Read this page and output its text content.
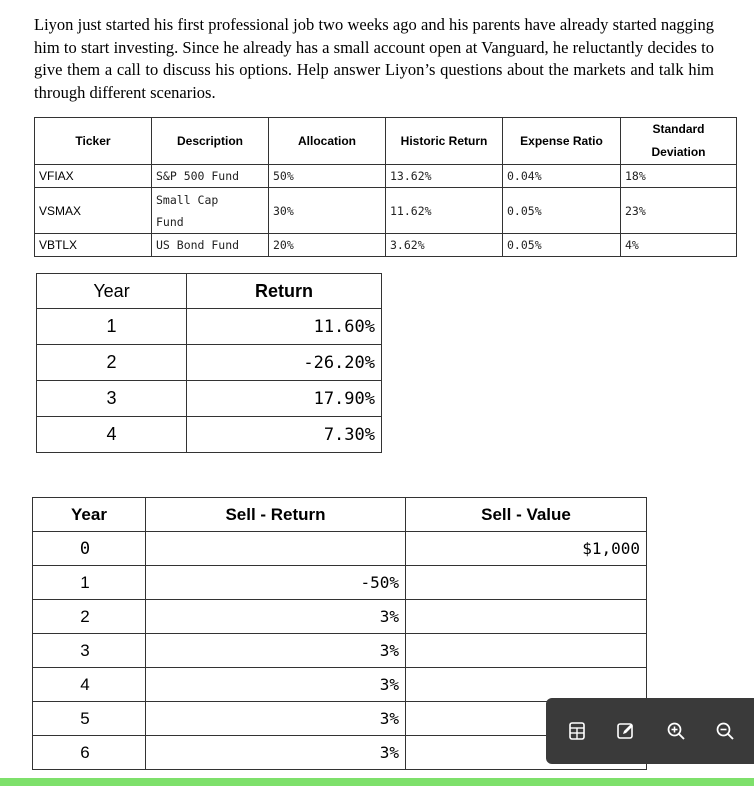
Liyon just started his first professional job two weeks ago and his parents have already started nagging him to start investing. Since he already has a small account open at Vanguard, he reluctantly decides to give them a call to discuss his options. Help answer Liyon’s questions about the markets and talk him through different scenarios.
Ticker	Description	Allocation	Historic Return	Expense Ratio	Standard Deviation
VFIAX	S&P 500 Fund	50%	13.62%	0.04%	18%
VSMAX	Small Cap Fund	30%	11.62%	0.05%	23%
VBTLX	US Bond Fund	20%	3.62%	0.05%	4%
Year	Return
1	11.60%
2	-26.20%
3	17.90%
4	7.30%
Year	Sell - Return	Sell - Value
0		$1,000
1	-50%	
2	3%	
3	3%	
4	3%	
5	3%	
6	3%	
